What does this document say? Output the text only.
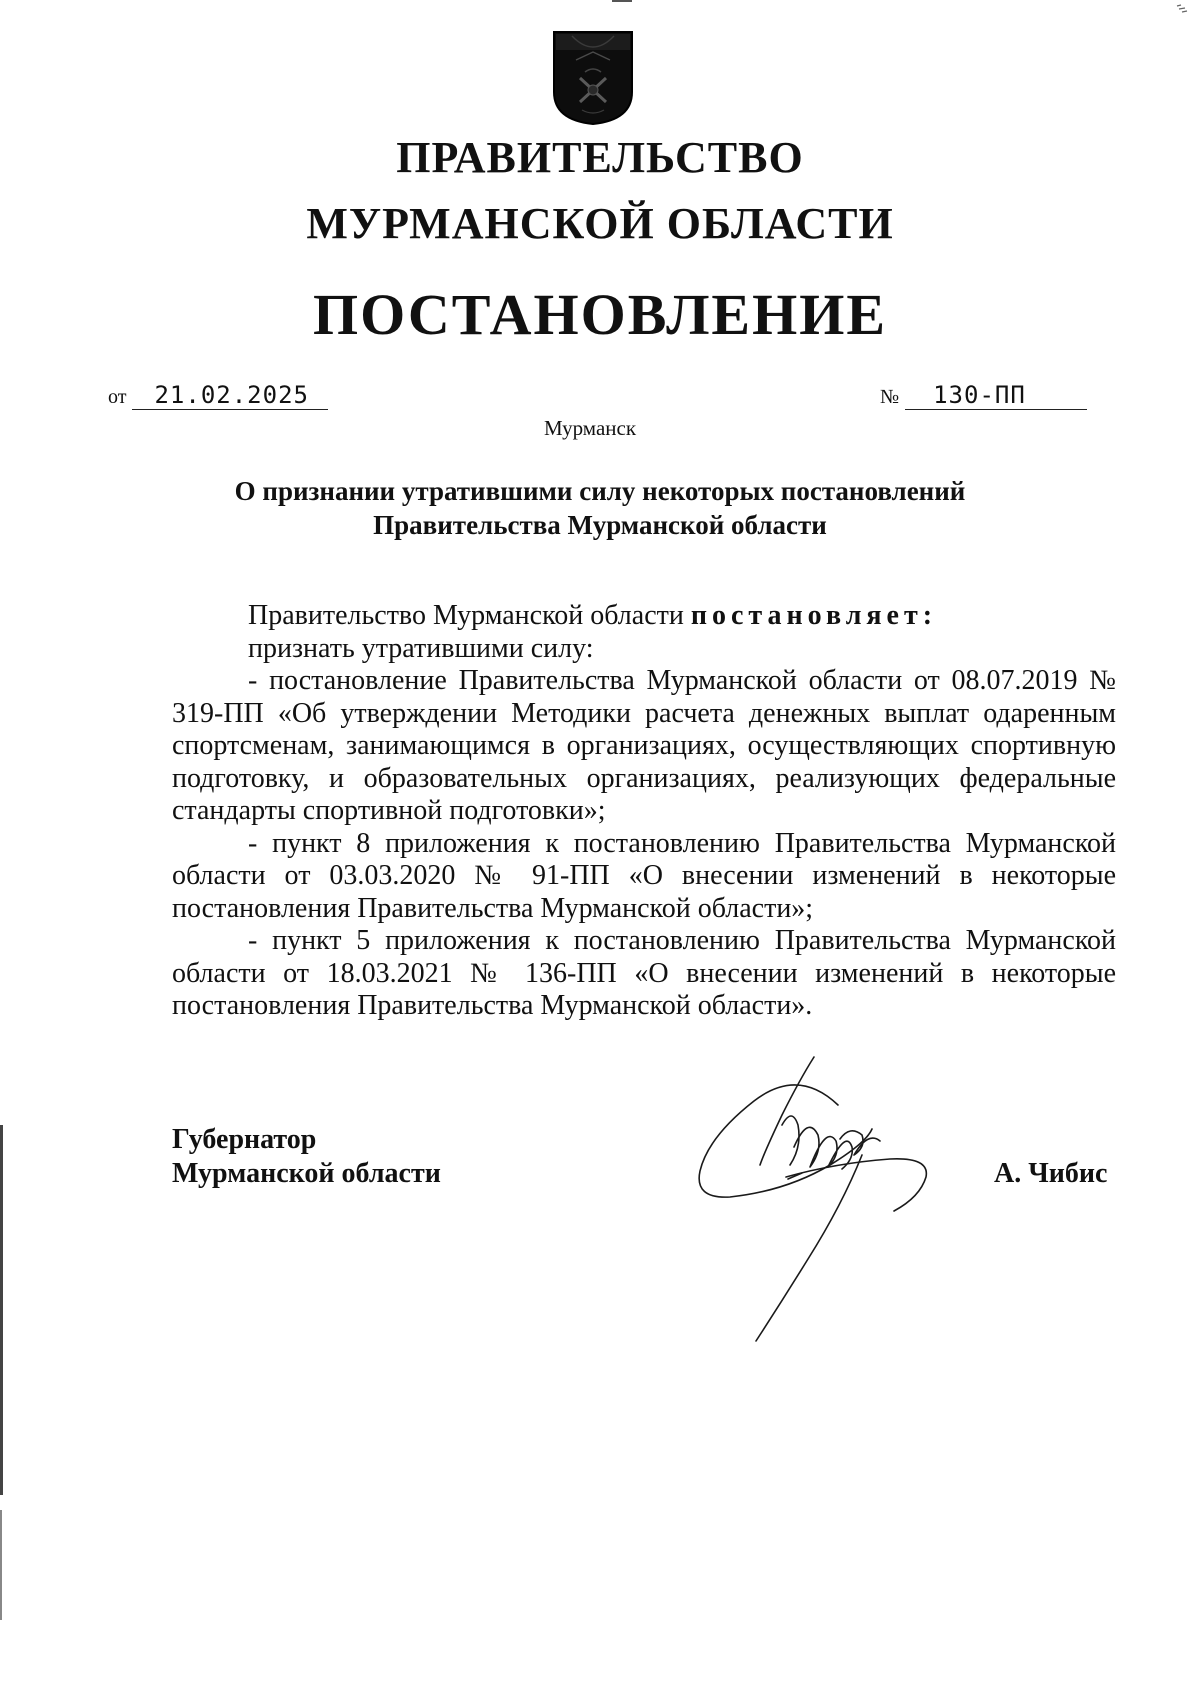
ПРАВИТЕЛЬСТВО
МУРМАНСКОЙ ОБЛАСТИ
ПОСТАНОВЛЕНИЕ
от 21.02.2025	№ 130-ПП
Мурманск
О признании утратившими силу некоторых постановлений
Правительства Мурманской области

Правительство Мурманской области постановляет:

признать утратившими силу:

- постановление Правительства Мурманской области от 08.07.2019 № 319-ПП «Об утверждении Методики расчета денежных выплат одаренным спортсменам, занимающимся в организациях, осуществляющих спортивную подготовку, и образовательных организациях, реализующих федеральные стандарты спортивной подготовки»;

- пункт 8 приложения к постановлению Правительства Мурманской области от 03.03.2020 № 91-ПП «О внесении изменений в некоторые постановления Правительства Мурманской области»;

- пункт 5 приложения к постановлению Правительства Мурманской области от 18.03.2021 № 136-ПП «О внесении изменений в некоторые постановления Правительства Мурманской области».

Губернатор
Мурманской области	А. Чибис
